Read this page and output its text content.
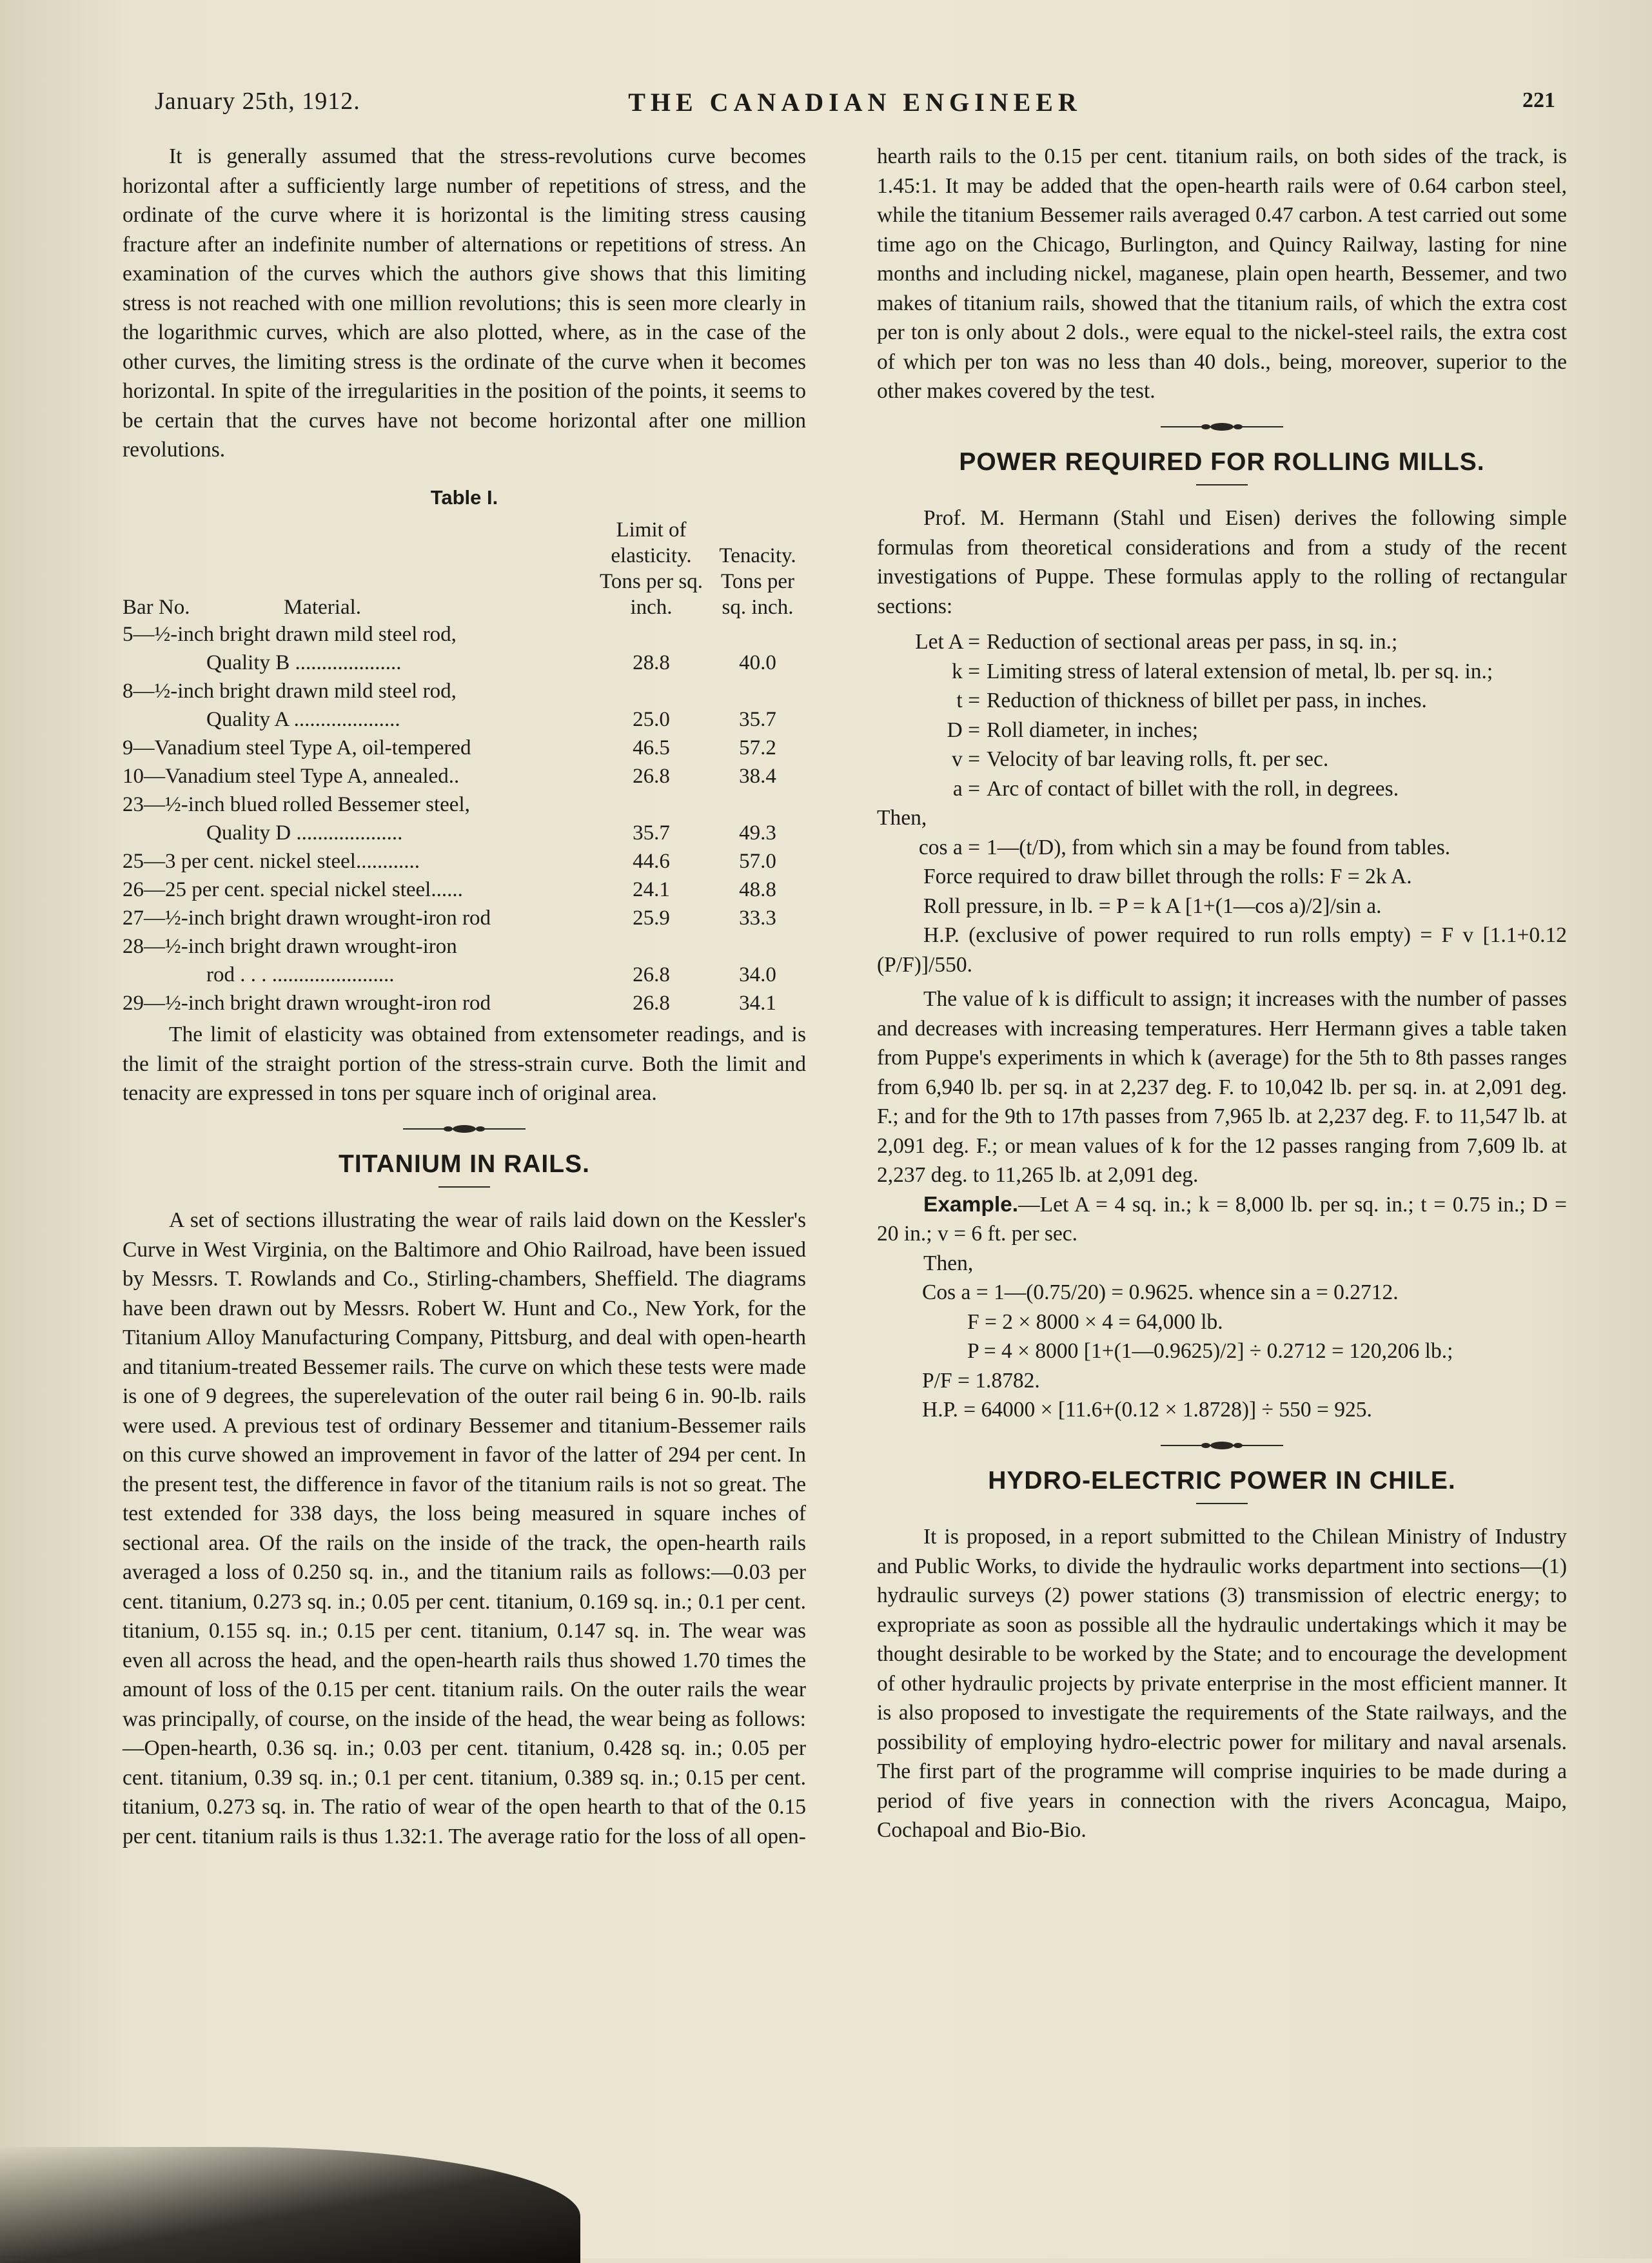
January 25th, 1912.	THE CANADIAN ENGINEER	221

It is generally assumed that the stress-revolutions curve becomes horizontal after a sufficiently large number of repetitions of stress, and the ordinate of the curve where it is horizontal is the limiting stress causing fracture after an indefinite number of alternations or repetitions of stress. An examination of the curves which the authors give shows that this limiting stress is not reached with one million revolutions; this is seen more clearly in the logarithmic curves, which are also plotted, where, as in the case of the other curves, the limiting stress is the ordinate of the curve when it becomes horizontal. In spite of the irregularities in the position of the points, it seems to be certain that the curves have not become horizontal after one million revolutions.

Table I.
Bar No.	Material.	Limit of elasticity. Tons per sq. inch.	Tenacity. Tons per sq. inch.

5—½-inch bright drawn mild steel rod,
Quality B ....................		28.8	40.0

8—½-inch bright drawn mild steel rod,
Quality A ....................		25.0	35.7

9—Vanadium steel Type A, oil-tempered		46.5	57.2

10—Vanadium steel Type A, annealed..		26.8	38.4

23—½-inch blued rolled Bessemer steel,
Quality D ....................		35.7	49.3

25—3 per cent. nickel steel............		44.6	57.0

26—25 per cent. special nickel steel......		24.1	48.8

27—½-inch bright drawn wrought-iron rod		25.9	33.3

28—½-inch bright drawn wrought-iron
rod . . . .......................		26.8	34.0

29—½-inch bright drawn wrought-iron rod		26.8	34.1

The limit of elasticity was obtained from extensometer readings, and is the limit of the straight portion of the stress-strain curve. Both the limit and tenacity are expressed in tons per square inch of original area.

TITANIUM IN RAILS.

A set of sections illustrating the wear of rails laid down on the Kessler's Curve in West Virginia, on the Baltimore and Ohio Railroad, have been issued by Messrs. T. Rowlands and Co., Stirling-chambers, Sheffield. The diagrams have been drawn out by Messrs. Robert W. Hunt and Co., New York, for the Titanium Alloy Manufacturing Company, Pittsburg, and deal with open-hearth and titanium-treated Bessemer rails. The curve on which these tests were made is one of 9 degrees, the superelevation of the outer rail being 6 in. 90-lb. rails were used. A previous test of ordinary Bessemer and titanium-Bessemer rails on this curve showed an improvement in favor of the latter of 294 per cent. In the present test, the difference in favor of the titanium rails is not so great. The test extended for 338 days, the loss being measured in square inches of sectional area. Of the rails on the inside of the track, the open-hearth rails averaged a loss of 0.250 sq. in., and the titanium rails as follows:—0.03 per cent. titanium, 0.273 sq. in.; 0.05 per cent. titanium, 0.169 sq. in.; 0.1 per cent. titanium, 0.155 sq. in.; 0.15 per cent. titanium, 0.147 sq. in. The wear was even all across the head, and the open-hearth rails thus showed 1.70 times the amount of loss of the 0.15 per cent. titanium rails. On the outer rails the wear was principally, of course, on the inside of the head, the wear being as follows:—Open-hearth, 0.36 sq. in.; 0.03 per cent. titanium, 0.428 sq. in.; 0.05 per cent. titanium, 0.39 sq. in.; 0.1 per cent. titanium, 0.389 sq. in.; 0.15 per cent. titanium, 0.273 sq. in. The ratio of wear of the open hearth to that of the 0.15 per cent. titanium rails is thus 1.32:1. The average ratio for the loss of all open-

hearth rails to the 0.15 per cent. titanium rails, on both sides of the track, is 1.45:1. It may be added that the open-hearth rails were of 0.64 carbon steel, while the titanium Bessemer rails averaged 0.47 carbon. A test carried out some time ago on the Chicago, Burlington, and Quincy Railway, lasting for nine months and including nickel, maganese, plain open hearth, Bessemer, and two makes of titanium rails, showed that the titanium rails, of which the extra cost per ton is only about 2 dols., were equal to the nickel-steel rails, the extra cost of which per ton was no less than 40 dols., being, moreover, superior to the other makes covered by the test.

POWER REQUIRED FOR ROLLING MILLS.

Prof. M. Hermann (Stahl und Eisen) derives the following simple formulas from theoretical considerations and from a study of the recent investigations of Puppe. These formulas apply to the rolling of rectangular sections:

Let A = Reduction of sectional areas per pass, in sq. in.;
k = Limiting stress of lateral extension of metal, lb. per sq. in.;
t = Reduction of thickness of billet per pass, in inches.
D = Roll diameter, in inches;
v = Velocity of bar leaving rolls, ft. per sec.
a = Arc of contact of billet with the roll, in degrees.

Then,

cos a = 1—(t/D), from which sin a may be found from tables.

Force required to draw billet through the rolls: F = 2k A.

Roll pressure, in lb. = P = k A [1+(1—cos a)/2]/sin a.

H.P. (exclusive of power required to run rolls empty) = F v [1.1+0.12 (P/F)]/550.

The value of k is difficult to assign; it increases with the number of passes and decreases with increasing temperatures. Herr Hermann gives a table taken from Puppe's experiments in which k (average) for the 5th to 8th passes ranges from 6,940 lb. per sq. in at 2,237 deg. F. to 10,042 lb. per sq. in. at 2,091 deg. F.; and for the 9th to 17th passes from 7,965 lb. at 2,237 deg. F. to 11,547 lb. at 2,091 deg. F.; or mean values of k for the 12 passes ranging from 7,609 lb. at 2,237 deg. to 11,265 lb. at 2,091 deg.

Example.—Let A = 4 sq. in.; k = 8,000 lb. per sq. in.; t = 0.75 in.; D = 20 in.; v = 6 ft. per sec.

Then,

Cos a = 1—(0.75/20) = 0.9625. whence sin a = 0.2712.

F = 2 × 8000 × 4 = 64,000 lb.

P = 4 × 8000 [1+(1—0.9625)/2] ÷ 0.2712 = 120,206 lb.;

P/F = 1.8782.

H.P. = 64000 × [11.6+(0.12 × 1.8728)] ÷ 550 = 925.

HYDRO-ELECTRIC POWER IN CHILE.

It is proposed, in a report submitted to the Chilean Ministry of Industry and Public Works, to divide the hydraulic works department into sections—(1) hydraulic surveys (2) power stations (3) transmission of electric energy; to expropriate as soon as possible all the hydraulic undertakings which it may be thought desirable to be worked by the State; and to encourage the development of other hydraulic projects by private enterprise in the most efficient manner. It is also proposed to investigate the requirements of the State railways, and the possibility of employing hydro-electric power for military and naval arsenals. The first part of the programme will comprise inquiries to be made during a period of five years in connection with the rivers Aconcagua, Maipo, Cochapoal and Bio-Bio.
